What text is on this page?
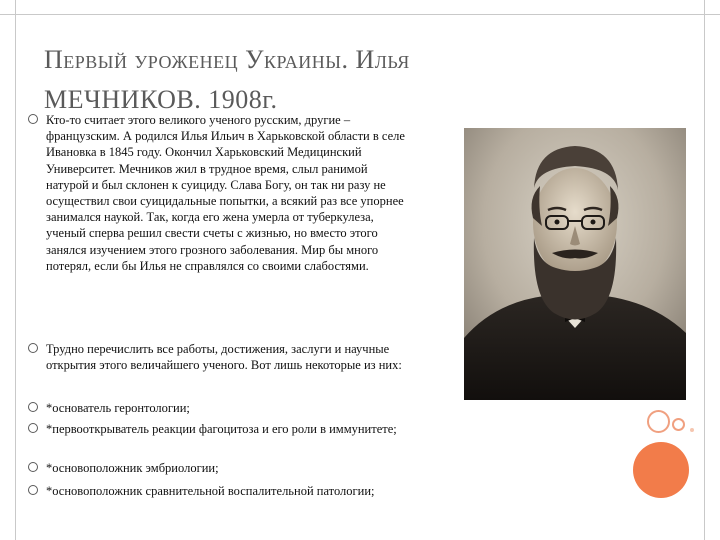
Первый уроженец Украины. Илья
МЕЧНИКОВ. 1908г.
Кто-то считает этого великого ученого русским, другие – французским. А родился Илья Ильич в Харьковской области в селе Ивановка в 1845 году. Окончил Харьковский Медицинский Университет. Мечников жил в трудное время, слыл ранимой натурой и был склонен к суициду. Слава Богу, он так ни разу не осуществил свои суицидальные попытки, а всякий раз все упорнее занимался наукой. Так, когда его жена умерла от туберкулеза, ученый сперва решил свести счеты с жизнью, но вместо этого занялся изучением этого грозного заболевания. Мир бы много потерял, если бы Илья не справлялся со своими слабостями.
Трудно перечислить все работы, достижения, заслуги и научные открытия этого величайшего ученого. Вот лишь некоторые из них:
*основатель геронтологии;
*первооткрыватель реакции фагоцитоза и его роли в иммунитете;
*основоположник эмбриологии;
*основоположник сравнительной воспалительной патологии;
